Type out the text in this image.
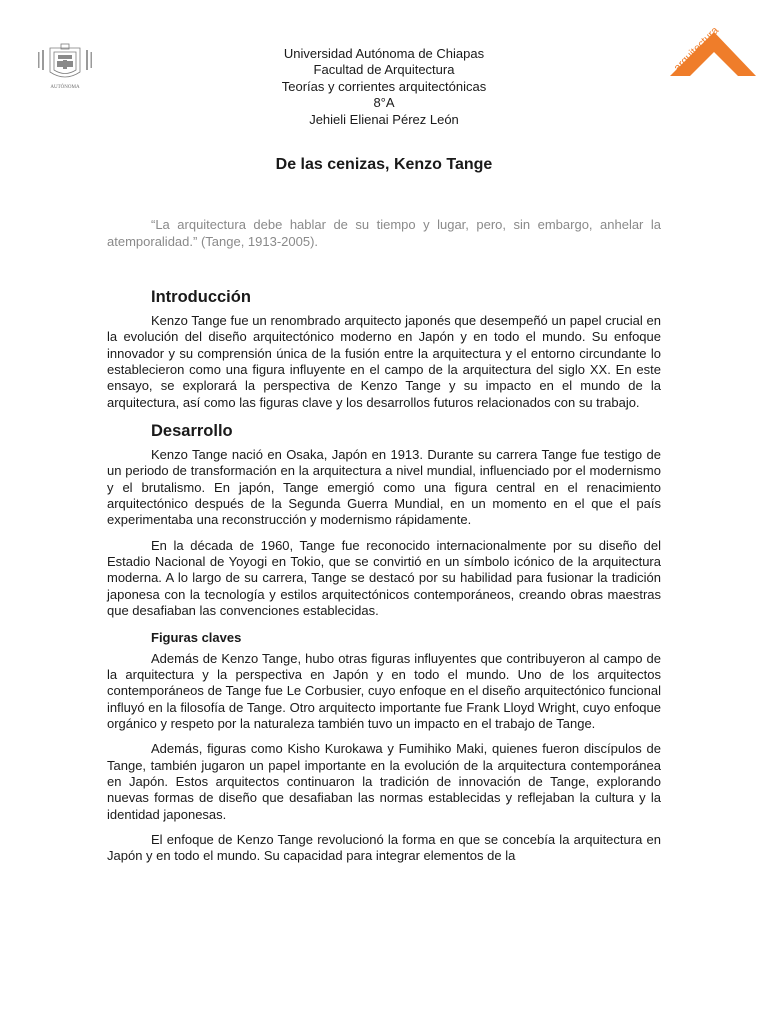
AUTÓNOMA
Universidad Autónoma de Chiapas
Facultad de Arquitectura
Teorías y corrientes arquitectónicas
8°A
Jehieli Elienai Pérez León
arquitectura
De las cenizas, Kenzo Tange
“La arquitectura debe hablar de su tiempo y lugar, pero, sin embargo, anhelar la atemporalidad.” (Tange, 1913-2005).
Introducción

Kenzo Tange fue un renombrado arquitecto japonés que desempeñó un papel crucial en la evolución del diseño arquitectónico moderno en Japón y en todo el mundo. Su enfoque innovador y su comprensión única de la fusión entre la arquitectura y el entorno circundante lo establecieron como una figura influyente en el campo de la arquitectura del siglo XX. En este ensayo, se explorará la perspectiva de Kenzo Tange y su impacto en el mundo de la arquitectura, así como las figuras clave y los desarrollos futuros relacionados con su trabajo.

Desarrollo

Kenzo Tange nació en Osaka, Japón en 1913. Durante su carrera Tange fue testigo de un periodo de transformación en la arquitectura a nivel mundial, influenciado por el modernismo y el brutalismo. En japón, Tange emergió como una figura central en el renacimiento arquitectónico después de la Segunda Guerra Mundial, en un momento en el que el país experimentaba una reconstrucción y modernismo rápidamente.

En la década de 1960, Tange fue reconocido internacionalmente por su diseño del Estadio Nacional de Yoyogi en Tokio, que se convirtió en un símbolo icónico de la arquitectura moderna. A lo largo de su carrera, Tange se destacó por su habilidad para fusionar la tradición japonesa con la tecnología y estilos arquitectónicos contemporáneos, creando obras maestras que desafiaban las convenciones establecidas.

Figuras claves

Además de Kenzo Tange, hubo otras figuras influyentes que contribuyeron al campo de la arquitectura y la perspectiva en Japón y en todo el mundo. Uno de los arquitectos contemporáneos de Tange fue Le Corbusier, cuyo enfoque en el diseño arquitectónico funcional influyó en la filosofía de Tange. Otro arquitecto importante fue Frank Lloyd Wright, cuyo enfoque orgánico y respeto por la naturaleza también tuvo un impacto en el trabajo de Tange.

Además, figuras como Kisho Kurokawa y Fumihiko Maki, quienes fueron discípulos de Tange, también jugaron un papel importante en la evolución de la arquitectura contemporánea en Japón. Estos arquitectos continuaron la tradición de innovación de Tange, explorando nuevas formas de diseño que desafiaban las normas establecidas y reflejaban la cultura y la identidad japonesas.

El enfoque de Kenzo Tange revolucionó la forma en que se concebía la arquitectura en Japón y en todo el mundo. Su capacidad para integrar elementos de la
